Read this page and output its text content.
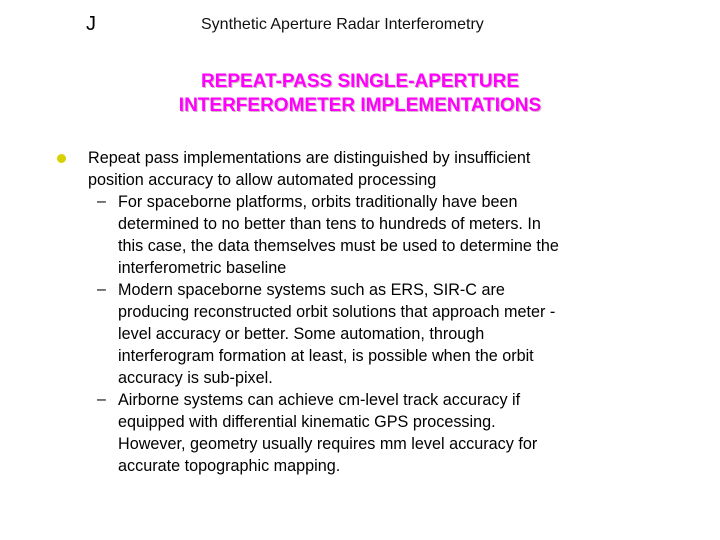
J	Synthetic Aperture Radar Interferometry
REPEAT-PASS SINGLE-APERTURE
INTERFEROMETER IMPLEMENTATIONS
Repeat pass implementations are distinguished by insufficient
position accuracy to allow automated processing
– For spaceborne platforms, orbits traditionally have been
determined to no better than tens to hundreds of meters. In
this case, the data themselves must be used to determine the
interferometric baseline
– Modern spaceborne systems such as ERS, SIR-C are
producing reconstructed orbit solutions that approach meter -
level accuracy or better. Some automation, through
interferogram formation at least, is possible when the orbit
accuracy is sub-pixel.
– Airborne systems can achieve cm-level track accuracy if
equipped with differential kinematic GPS processing.
However, geometry usually requires mm level accuracy for
accurate topographic mapping.
